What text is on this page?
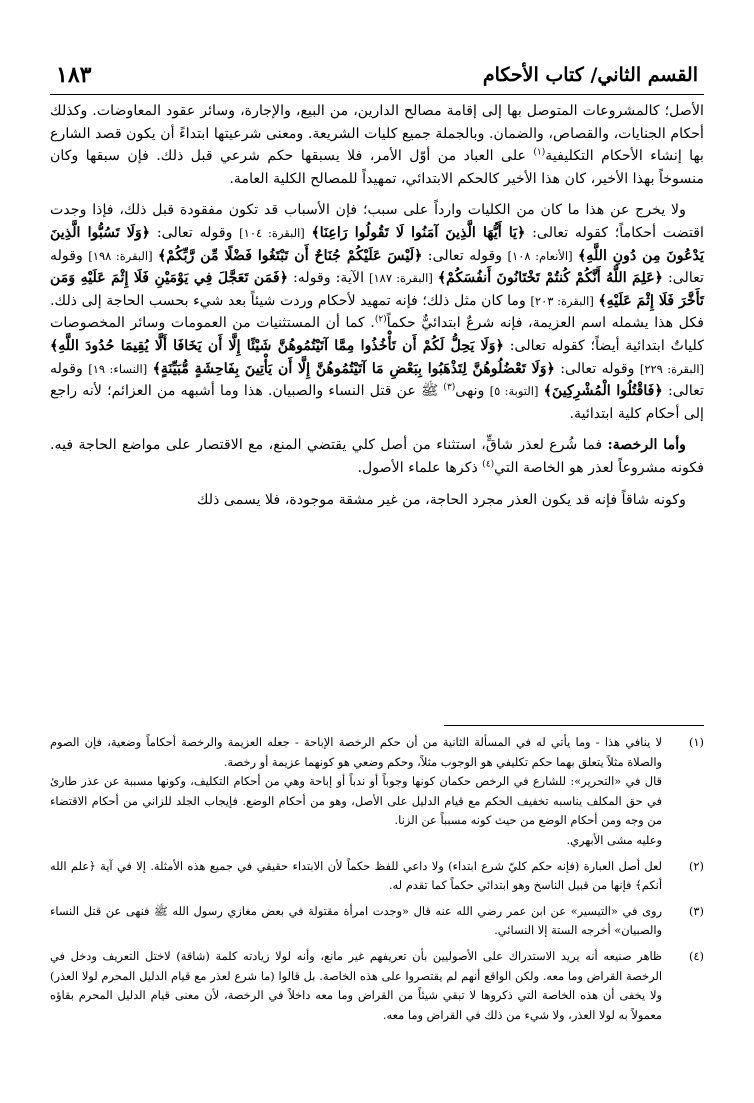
القسم الثاني/ كتاب الأحكام
١٨٣

الأصل؛ كالمشروعات المتوصل بها إلى إقامة مصالح الدارين، من البيع، والإجارة، وسائر عقود المعاوضات. وكذلك أحكام الجنايات، والقصاص، والضمان. وبالجملة جميع كليات الشريعة. ومعنى شرعيتها ابتداءً أن يكون قصد الشارع بها إنشاء الأحكام التكليفية$^{(١)}$ على العباد من أوّل الأمر، فلا يسبقها حكم شرعي قبل ذلك. فإن سبقها وكان منسوخاً بهذا الأخير، كان هذا الأخير كالحكم الابتدائي، تمهيداً للمصالح الكلية العامة.

ولا يخرج عن هذا ما كان من الكليات وارداً على سبب؛ فإن الأسباب قد تكون مفقودة قبل ذلك، فإذا وجدت اقتضت أحكاماً؛ كقوله تعالى: ﴿يَا أَيُّهَا الَّذِينَ آمَنُوا لَا تَقُولُوا رَاعِنَا﴾ [البقرة: ١٠٤] وقوله تعالى: ﴿وَلَا تَسُبُّوا الَّذِينَ يَدْعُونَ مِن دُونِ اللَّهِ﴾ [الأنعام: ١٠٨] وقوله تعالى: ﴿لَيْسَ عَلَيْكُمْ جُنَاحٌ أَن تَبْتَغُوا فَضْلًا مِّن رَّبِّكُمْ﴾ [البقرة: ١٩٨] وقوله تعالى: ﴿عَلِمَ اللَّهُ أَنَّكُمْ كُنتُمْ تَخْتَانُونَ أَنفُسَكُمْ﴾ [البقرة: ١٨٧] الآية: وقوله: ﴿فَمَن تَعَجَّلَ فِي يَوْمَيْنِ فَلَا إِثْمَ عَلَيْهِ وَمَن تَأَخَّرَ فَلَا إِثْمَ عَلَيْهِ﴾ [البقرة: ٢٠٣] وما كان مثل ذلك؛ فإنه تمهيد لأحكام وردت شيئاً بعد شيء بحسب الحاجة إلى ذلك. فكل هذا يشمله اسم العزيمة، فإنه شرعٌ ابتدائيٌّ حكماً$^{(٢)}$. كما أن المستثنيات من العمومات وسائر المخصوصات كلياتٌ ابتدائية أيضاً؛ كقوله تعالى: ﴿وَلَا يَحِلُّ لَكُمْ أَن تَأْخُذُوا مِمَّا آتَيْتُمُوهُنَّ شَيْئًا إِلَّا أَن يَخَافَا أَلَّا يُقِيمَا حُدُودَ اللَّهِ﴾ [البقرة: ٢٢٩] وقوله تعالى: ﴿وَلَا تَعْضُلُوهُنَّ لِتَذْهَبُوا بِبَعْضِ مَا آتَيْتُمُوهُنَّ إِلَّا أَن يَأْتِينَ بِفَاحِشَةٍ مُّبَيِّنَةٍ﴾ [النساء: ١٩] وقوله تعالى: ﴿فَاقْتُلُوا الْمُشْرِكِينَ﴾ [التوبة: ٥] ونهى$^{(٣)}$ ﷺ عن قتل النساء والصبيان. هذا وما أشبهه من العزائم؛ لأنه راجع إلى أحكام كلية ابتدائية.

وأما الرخصة: فما شُرع لعذر شاقٍّ، استثناء من أصل كلي يقتضي المنع، مع الاقتصار على مواضع الحاجة فيه. فكونه مشروعاً لعذر هو الخاصة التي$^{(٤)}$ ذكرها علماء الأصول.

وكونه شاقاً فإنه قد يكون العذر مجرد الحاجة، من غير مشقة موجودة، فلا يسمى ذلك

(١)
لا ينافي هذا - وما يأتي له في المسألة الثانية من أن حكم الرخصة الإباحة - جعله العزيمة والرخصة أحكاماً وضعية، فإن الصوم والصلاة مثلاً يتعلق بهما حكم تكليفي هو الوجوب مثلاً، وحكم وضعي هو كونهما عزيمة أو رخصة.
قال في «التحرير»: للشارع في الرخص حكمان كونها وجوباً أو ندباً أو إباحة وهي من أحكام التكليف، وكونها مسببة عن عذر طارئ في حق المكلف يناسبه تخفيف الحكم مع قيام الدليل على الأصل، وهو من أحكام الوضع. فإيجاب الجلد للزاني من أحكام الاقتضاء من وجه ومن أحكام الوضع من حيث كونه مسبباً عن الزنا.
وعليه مشى الأبهري.
(٢)
لعل أصل العبارة (فإنه حكم كليّ شرع ابتداء) ولا داعي للفظ حكماً لأن الابتداء حقيقي في جميع هذه الأمثلة. إلا في آية ﴿علم الله أنكم﴾ فإنها من قبيل الناسخ وهو ابتدائي حكماً كما تقدم له.
(٣)
روى في «التيسير» عن ابن عمر رضي الله عنه قال «وجدت امرأة مقتولة في بعض مغازي رسول الله ﷺ فنهى عن قتل النساء والصبيان» أخرجه الستة إلا النسائي.
(٤)
ظاهر صنيعه أنه يريد الاستدراك على الأصوليين بأن تعريفهم غير مانع، وأنه لولا زيادته كلمة (شاقة) لاختل التعريف ودخل في الرخصة القراض وما معه. ولكن الواقع أنهم لم يقتصروا على هذه الخاصة. بل قالوا (ما شرع لعذر مع قيام الدليل المحرم لولا العذر) ولا يخفى أن هذه الخاصة التي ذكروها لا تبقي شيئاً من القراض وما معه داخلاً في الرخصة، لأن معنى قيام الدليل المحرم بقاؤه معمولاً به لولا العذر، ولا شيء من ذلك في القراض وما معه.
